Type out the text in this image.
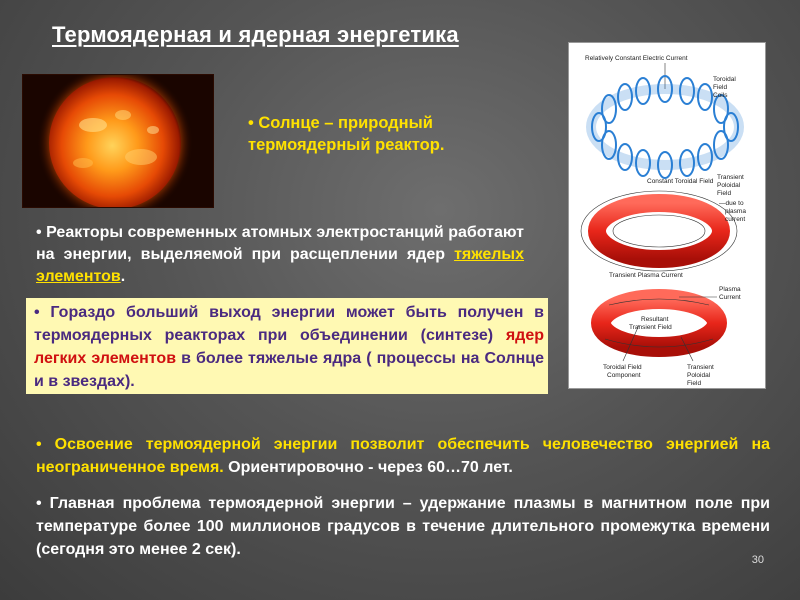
Термоядерная и ядерная энергетика
• Солнце – природный
термоядерный реактор.
• Реакторы современных атомных электростанций работают на энергии, выделяемой при расщеплении ядер тяжелых элементов.
• Гораздо больший выход энергии может быть получен в термоядерных реакторах при объединении (синтезе) ядер легких элементов в более тяжелые ядра ( процессы на Солнце и в звездах).
• Освоение термоядерной энергии позволит обеспечить человечество энергией на неограниченное время. Ориентировочно - через 60…70 лет.
• Главная проблема термоядерной энергии – удержание плазмы в магнитном поле при температуре более 100 миллионов градусов в течение длительного промежутка времени (сегодня это менее 2 сек).
30
Relatively Constant Electric Current
Toroidal
Field
Coils
Constant Toroidal Field
Transient
Poloidal
Field
—due to
plasma
current
Transient Plasma Current
Plasma
Current
Resultant
Transient Field
Toroidal Field
Component
Transient
Poloidal
Field
